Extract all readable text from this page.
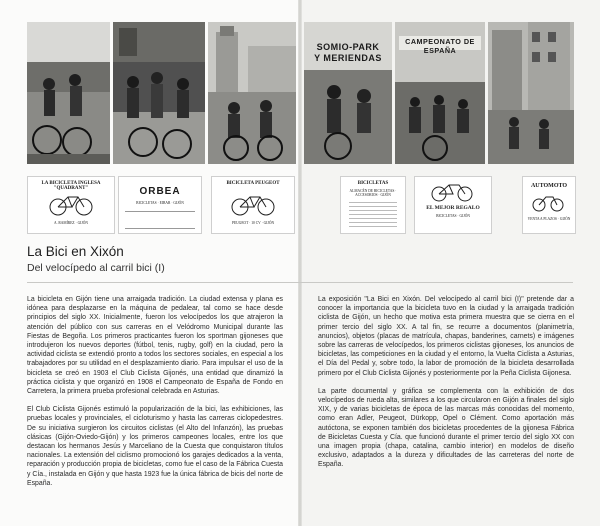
SOMIO-PARK
Y MERIENDAS
CAMPEONATO DE ESPAÑA
LA BICICLETA INGLESA "QUADRANT"
A. RAMÍREZ · GIJÓN
ORBEA
BICICLETAS · EIBAR · GIJÓN
BICICLETA PEUGEOT
PEUGEOT · 10 CV · GIJÓN
BICICLETAS
ALMACÉN DE BICICLETAS · ACCESORIOS · GIJÓN
EL MEJOR REGALO
BICICLETAS · GIJÓN
AUTOMOTO
VENTA A PLAZOS · GIJÓN
La Bici en Xixón
Del velocípedo al carril bici (I)

La bicicleta en Gijón tiene una arraigada tradición. La ciudad extensa y plana es idónea para desplazarse en la máquina de pedalear, tal como se hace desde principios del siglo XX. Inicialmente, fueron los velocípedos los que atrajeron la atención del público con sus carreras en el Velódromo Municipal durante las Fiestas de Begoña. Los primeros practicantes fueron los sportman gijoneses que introdujeron los nuevos deportes (fútbol, tenis, rugby, golf) en la ciudad, pero la actividad ciclista se extendió pronto a todos los sectores sociales, en especial a los trabajadores por su utilidad en el desplazamiento diario. Para impulsar el uso de la bicicleta se creó en 1903 el Club Ciclista Gijonés, una entidad que dinamizó la práctica ciclista y que organizó en 1908 el Campeonato de España de Fondo en Carretera, la primera prueba profesional celebrada en Asturias.

El Club Ciclista Gijonés estimuló la popularización de la bici, las exhibiciones, las pruebas locales y provinciales, el cicloturismo y hasta las carreras ciclopedestres. De su iniciativa surgieron los circuitos ciclistas (el Alto del Infanzón), las pruebas clásicas (Gijón-Oviedo-Gijón) y los primeros campeones locales, entre los que destacan los hermanos Jesús y Marceliano de la Cuesta que conquistaron títulos nacionales. La extensión del ciclismo promocionó los garajes dedicados a la venta, reparación y producción propia de bicicletas, como fue el caso de la Fábrica Cuesta y Cía., instalada en Gijón y que hasta 1923 fue la única fábrica de bicis del norte de España.

La exposición "La Bici en Xixón. Del velocípedo al carril bici (I)" pretende dar a conocer la importancia que la bicicleta tuvo en la ciudad y la arraigada tradición ciclista de Gijón, un hecho que motiva esta primera muestra que se cierra en el primer tercio del siglo XX. A tal fin, se recurre a documentos (planimetría, anuncios), objetos (placas de matrícula, chapas, banderines, carnets) e imágenes sobre las carreras de velocípedos, los primeros ciclistas gijoneses, los anuncios de bicicletas, las competiciones en la ciudad y el entorno, la Vuelta Ciclista a Asturias, el Día del Pedal y, sobre todo, la labor de promoción de la bicicleta desarrollada primero por el Club Ciclista Gijonés y posteriormente por la Peña Ciclista Gijonesa.

La parte documental y gráfica se complementa con la exhibición de dos velocípedos de rueda alta, similares a los que circularon en Gijón a finales del siglo XIX, y de varias bicicletas de época de las marcas más conocidas del momento, como eran Adler, Peugeot, Dürkopp, Opel o Clément. Como aportación más autóctona, se exponen también dos bicicletas procedentes de la gijonesa Fábrica de Bicicletas Cuesta y Cía. que funcionó durante el primer tercio del siglo XX con una imagen propia (chapa, catalina, cambio interior) en modelos de diseño exclusivo, adaptados a la dureza y dificultades de las carreteras del norte de España.
